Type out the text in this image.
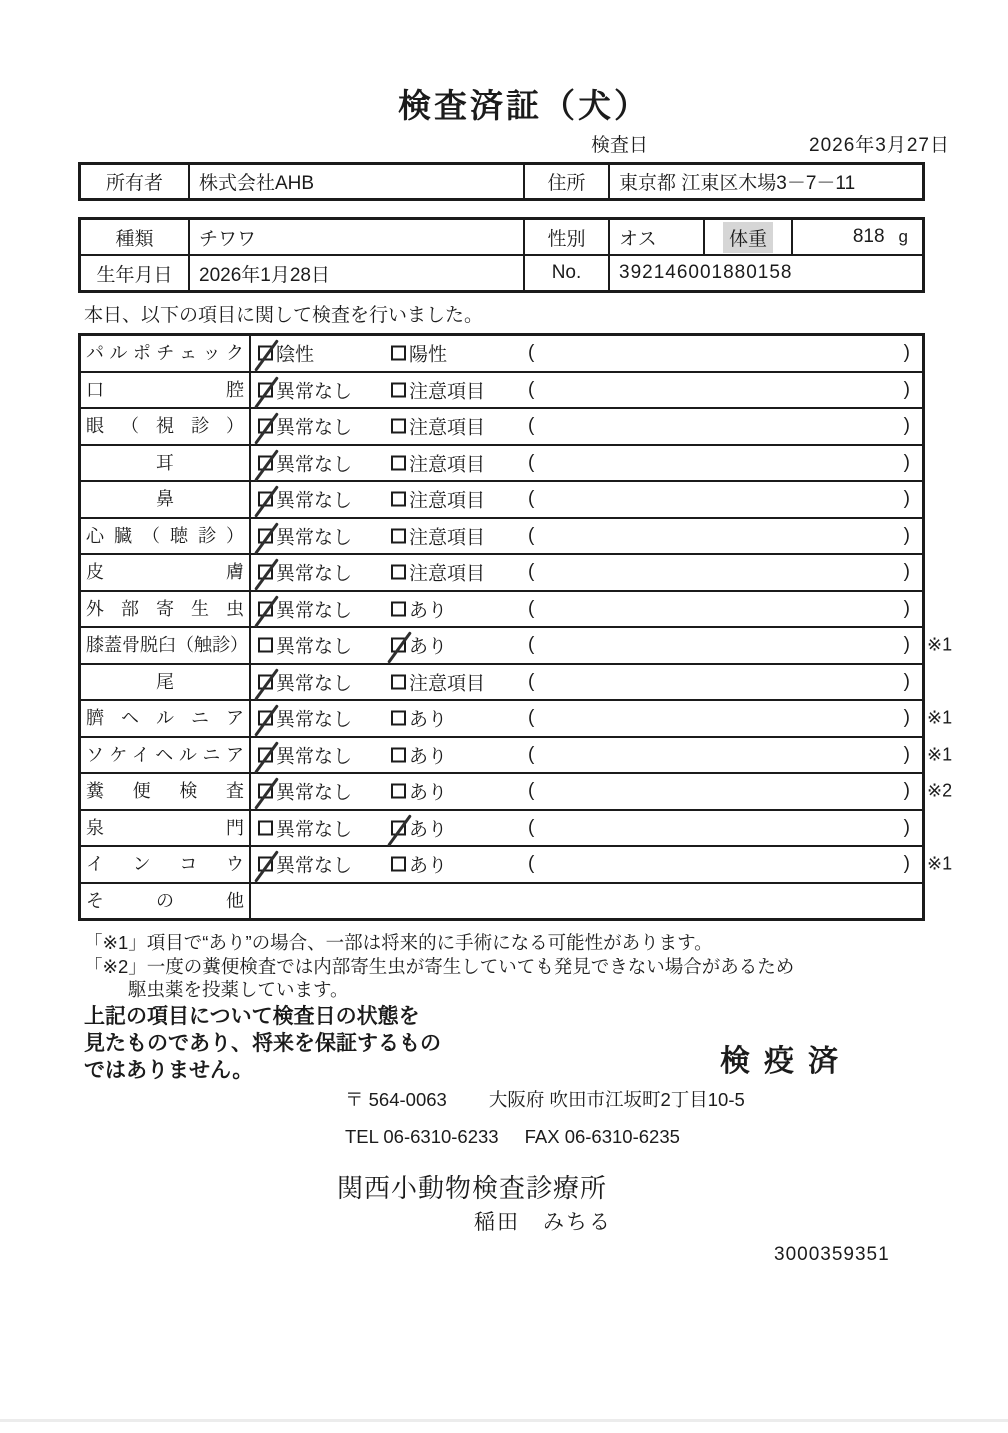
検査済証（犬）
検査日	2026年3月27日
所有者	株式会社AHB	住所	東京都 江東区木場3－7－11
種類	チワワ	性別	オス	体重	818 g
生年月日	2026年1月28日	No.	392146001880158
本日、以下の項目に関して検査を行いました。
パルポチェック	陰性	陽性	(	)
口腔	異常なし	注意項目 (	)
眼（視診）	異常なし	注意項目 (	)
耳	異常なし	注意項目 (	)
鼻	異常なし	注意項目 (	)
心臓（聴診）	異常なし	注意項目 (	)
皮膚	異常なし	注意項目 (	)
外部寄生虫	異常なし	あり	(	)
膝蓋骨脱臼（触診） 異常なし	あり	(	) ※1
尾	異常なし	注意項目 (	)
臍ヘルニア	異常なし	あり	(	) ※1
ソケイヘルニア	異常なし	あり	(	) ※1
糞便検査	異常なし	あり	(	) ※2
泉門	異常なし	あり	(	)
インコウ	異常なし	あり	(	) ※1
その他
「※1」項目で“あり”の場合、一部は将来的に手術になる可能性があります。
「※2」一度の糞便検査では内部寄生虫が寄生していても発見できない場合があるため
駆虫薬を投薬しています。
上記の項目について検査日の状態を
見たものであり、将来を保証するもの
ではありません。	検疫済
〒 564-0063 大阪府 吹田市江坂町2丁目10-5
TEL 06-6310-6233 FAX 06-6310-6235
関西小動物検査診療所
稲田　みちる
3000359351
